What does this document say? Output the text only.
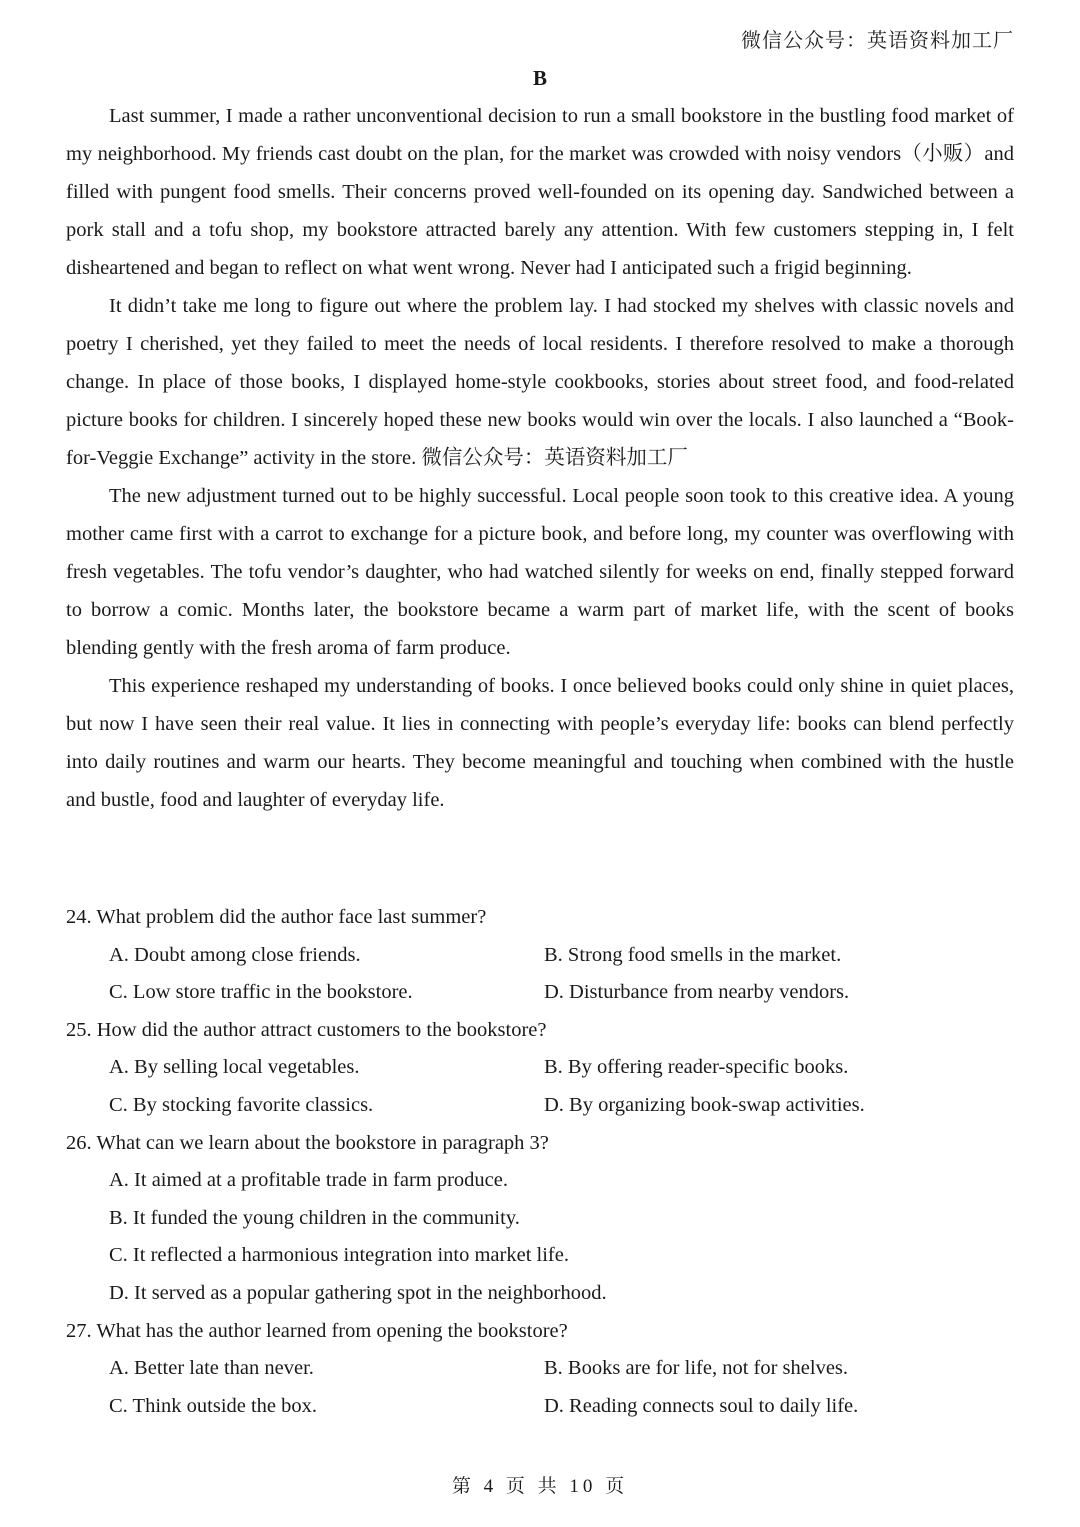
微信公众号：英语资料加工厂
B

Last summer, I made a rather unconventional decision to run a small bookstore in the bustling food market of my neighborhood. My friends cast doubt on the plan, for the market was crowded with noisy vendors（小贩）and filled with pungent food smells. Their concerns proved well-founded on its opening day. Sandwiched between a pork stall and a tofu shop, my bookstore attracted barely any attention. With few customers stepping in, I felt disheartened and began to reflect on what went wrong. Never had I anticipated such a frigid beginning.

It didn’t take me long to figure out where the problem lay. I had stocked my shelves with classic novels and poetry I cherished, yet they failed to meet the needs of local residents. I therefore resolved to make a thorough change. In place of those books, I displayed home-style cookbooks, stories about street food, and food-related picture books for children. I sincerely hoped these new books would win over the locals. I also launched a “Book-for-Veggie Exchange” activity in the store. 微信公众号：英语资料加工厂

The new adjustment turned out to be highly successful. Local people soon took to this creative idea. A young mother came first with a carrot to exchange for a picture book, and before long, my counter was overflowing with fresh vegetables. The tofu vendor’s daughter, who had watched silently for weeks on end, finally stepped forward to borrow a comic. Months later, the bookstore became a warm part of market life, with the scent of books blending gently with the fresh aroma of farm produce.

This experience reshaped my understanding of books. I once believed books could only shine in quiet places, but now I have seen their real value. It lies in connecting with people’s everyday life: books can blend perfectly into daily routines and warm our hearts. They become meaningful and touching when combined with the hustle and bustle, food and laughter of everyday life.

24. What problem did the author face last summer?

A. Doubt among close friends.	B. Strong food smells in the market.

C. Low store traffic in the bookstore.	D. Disturbance from nearby vendors.

25. How did the author attract customers to the bookstore?

A. By selling local vegetables.	B. By offering reader-specific books.

C. By stocking favorite classics.	D. By organizing book-swap activities.

26. What can we learn about the bookstore in paragraph 3?

A. It aimed at a profitable trade in farm produce.

B. It funded the young children in the community.

C. It reflected a harmonious integration into market life.

D. It served as a popular gathering spot in the neighborhood.

27. What has the author learned from opening the bookstore?

A. Better late than never.	B. Books are for life, not for shelves.

C. Think outside the box.	D. Reading connects soul to daily life.

第 4 页 共 10 页
